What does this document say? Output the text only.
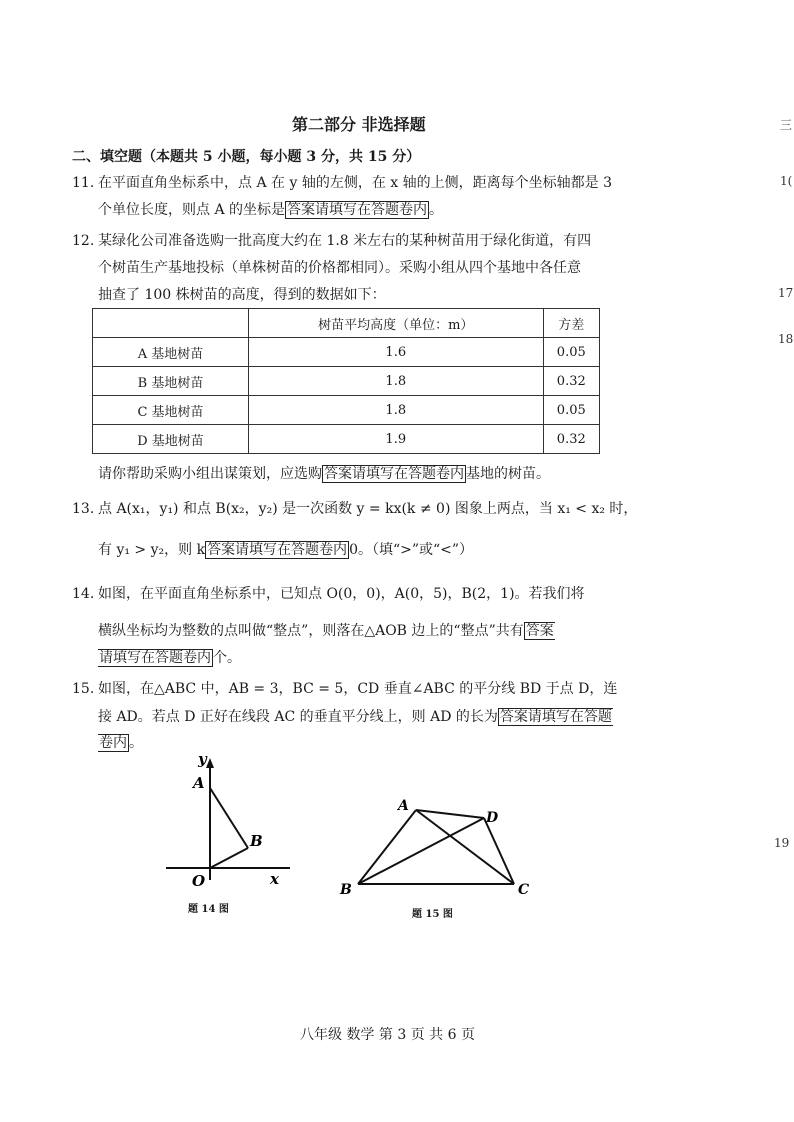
第二部分 非选择题
二、填空题（本题共 5 小题，每小题 3 分，共 15 分）
11. 在平面直角坐标系中，点 A 在 y 轴的左侧，在 x 轴的上侧，距离每个坐标轴都是 3
个单位长度，则点 A 的坐标是 答案请填写在答题卷内 。
12. 某绿化公司准备选购一批高度大约在 1.8 米左右的某种树苗用于绿化街道，有四
个树苗生产基地投标（单株树苗的价格都相同）。采购小组从四个基地中各任意
抽查了 100 株树苗的高度，得到的数据如下：
	树苗平均高度（单位：m）	方差
A 基地树苗	1.6	0.05
B 基地树苗	1.8	0.32
C 基地树苗	1.8	0.05
D 基地树苗	1.9	0.32
请你帮助采购小组出谋策划，应选购 答案请填写在答题卷内 基地的树苗。
13. 点 A(x₁，y₁) 和点 B(x₂，y₂) 是一次函数 y = kx(k ≠ 0) 图象上两点，当 x₁ < x₂ 时，
有 y₁ > y₂，则 k 答案请填写在答题卷内 0。（填“>”或“<”）
14. 如图，在平面直角坐标系中，已知点 O(0，0)，A(0，5)，B(2，1)。若我们将
横纵坐标均为整数的点叫做“整点”，则落在△AOB 边上的“整点”共有 答案
请填写在答题卷内 个。
15. 如图，在△ABC 中，AB = 3，BC = 5，CD 垂直∠ABC 的平分线 BD 于点 D，连
接 AD。若点 D 正好在线段 AC 的垂直平分线上，则 AD 的长为 答案请填写在答题
卷内 。
y
A
B
O	x
题 14 图
A
D
B	C
题 15 图
八年级 数学 第 3 页 共 6 页
三
1(
17
18
19
